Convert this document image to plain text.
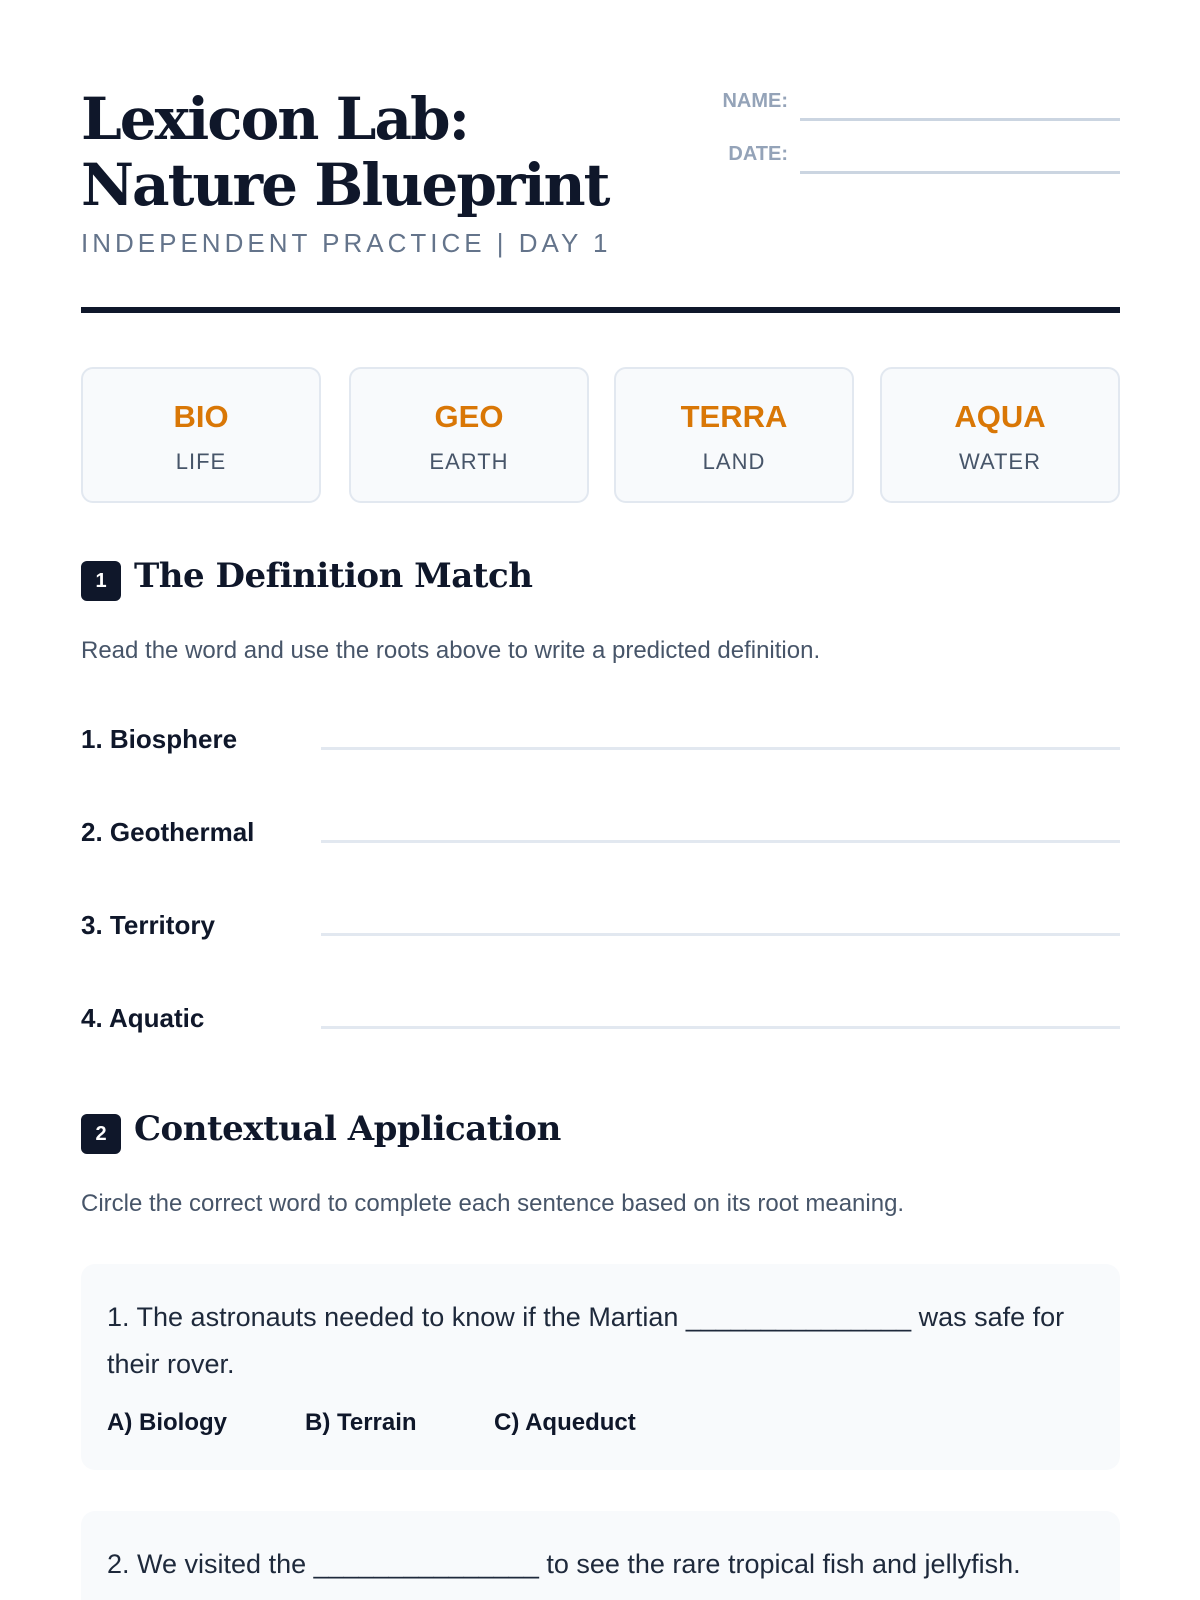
Lexicon Lab: Nature Blueprint
INDEPENDENT PRACTICE | DAY 1
NAME:
DATE:
BIO
LIFE
GEO
EARTH
TERRA
LAND
AQUA
WATER
1 The Definition Match

Read the word and use the roots above to write a predicted definition.

1. Biosphere
2. Geothermal
3. Territory
4. Aquatic
2 Contextual Application

Circle the correct word to complete each sentence based on its root meaning.

1. The astronauts needed to know if the Martian _______________ was safe for their rover.

A) Biology	B) Terrain	C) Aqueduct

2. We visited the _______________ to see the rare tropical fish and jellyfish.
